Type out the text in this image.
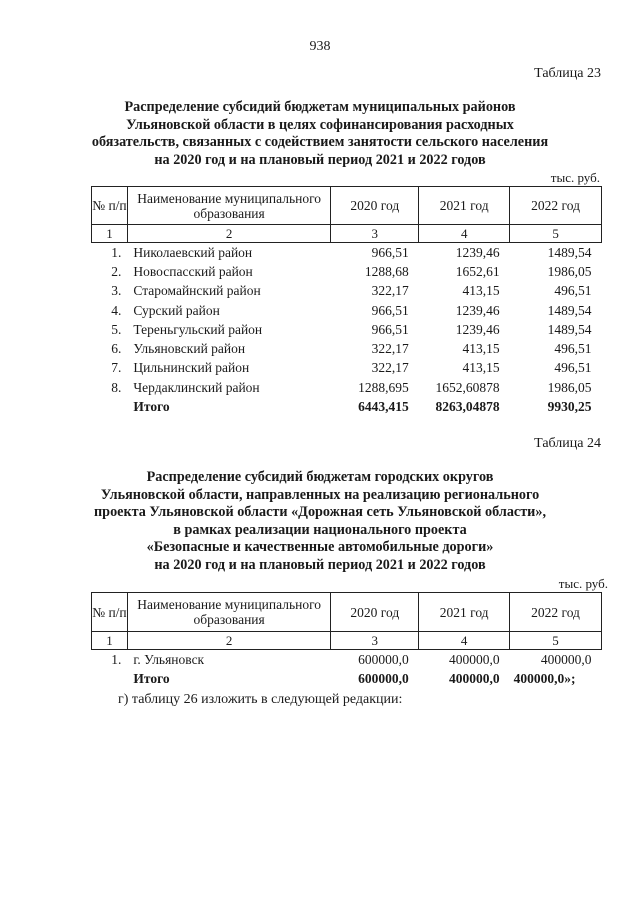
938
Таблица 23
Распределение субсидий бюджетам муниципальных районов
Ульяновской области в целях софинансирования расходных
обязательств, связанных с содействием занятости сельского населения
на 2020 год и на плановый период 2021 и 2022 годов
тыс. руб.
№ п/п	Наименование муниципального образования	2020 год	2021 год	2022 год
1	2	3	4	5
1.	Николаевский район	966,51	1239,46	1489,54
2.	Новоспасский район	1288,68	1652,61	1986,05
3.	Старомайнский район	322,17	413,15	496,51
4.	Сурский район	966,51	1239,46	1489,54
5.	Тереньгульский район	966,51	1239,46	1489,54
6.	Ульяновский район	322,17	413,15	496,51
7.	Цильнинский район	322,17	413,15	496,51
8.	Чердаклинский район	1288,695	1652,60878	1986,05
	Итого	6443,415	8263,04878	9930,25
Таблица 24
Распределение субсидий бюджетам городских округов
Ульяновской области, направленных на реализацию регионального
проекта Ульяновской области «Дорожная сеть Ульяновской области»,
в рамках реализации национального проекта
«Безопасные и качественные автомобильные дороги»
на 2020 год и на плановый период 2021 и 2022 годов
тыс. руб.
№ п/п	Наименование муниципального образования	2020 год	2021 год	2022 год
1	2	3	4	5
1.	г. Ульяновск	600000,0	400000,0	400000,0
	Итого	600000,0	400000,0	400000,0»;
г) таблицу 26 изложить в следующей редакции:
